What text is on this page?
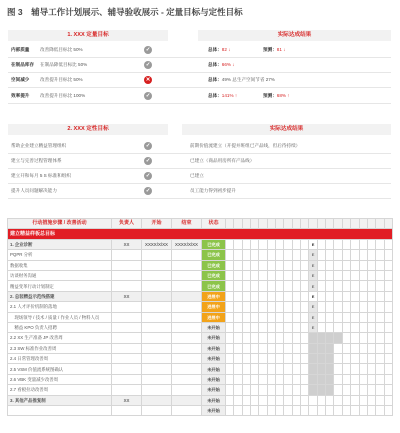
图 3　辅导工作计划展示、辅导验收展示 - 定量目标与定性目标
1. XXX 定量目标	实际达成结果
内部质量 改善降低目标比 50%	✓	总体：82 ↓	预测：81 ↓
在制品库存 在制品降低目标比 50%	✓	总体：66% ↓
空间减少 改善提升目标比 50%	✕	总体：49% 总生产空间节省 27%
效率提升 改善提升目标比 100%	✓	总体：141% ↑	预测：68% ↑
2. XXX 定性目标	实际达成结果
帮助企业建立精益管理组织	✓	前期价值流建立（开提并班组已产品线，但后待持续）
建立与完善过程管理体系	✓	已建立（商品用房所有产品线）
建立开和每月 5 S 标准和组织	✓	已建立
提升人员问题解决能力	✓	员工能力得到初步提升
行动措施步骤 / 改善活动	负责人	开始	结束	状态																				
建立精益样板总目标																								
1. 企业诊断	XX	XXXX/X/XX	XXXX/X/XX	已完成											E									
PQPR 分析				已完成											E									
数据收集				已完成											E									
访谈财务沟通				已完成											E									
精益变革行动计划制定				已完成											E									
2. 总装精益示范线搭建	XX			进展中											E									
2.1 人才评价机制的落地				进展中											E									
　现场领导 / 技术 / 质量 / 作业人员 / 物料人员				进展中											E									
　精益 KPO 负责人招聘				未开始											E									
2.2 XX 生产准备 JP 改善周				未开始																				
2.3 SW 标准作业改善周				未开始																				
2.4 日常管理改善周				未开始																				
2.5 VSM 价值流系统图确认				未开始																				
2.6 VBK 变量减少改善周				未开始																				
2.7 看板拉动改善周				未开始																				
3. 其他产品推复制	XX			未开始																				
				未开始																				
